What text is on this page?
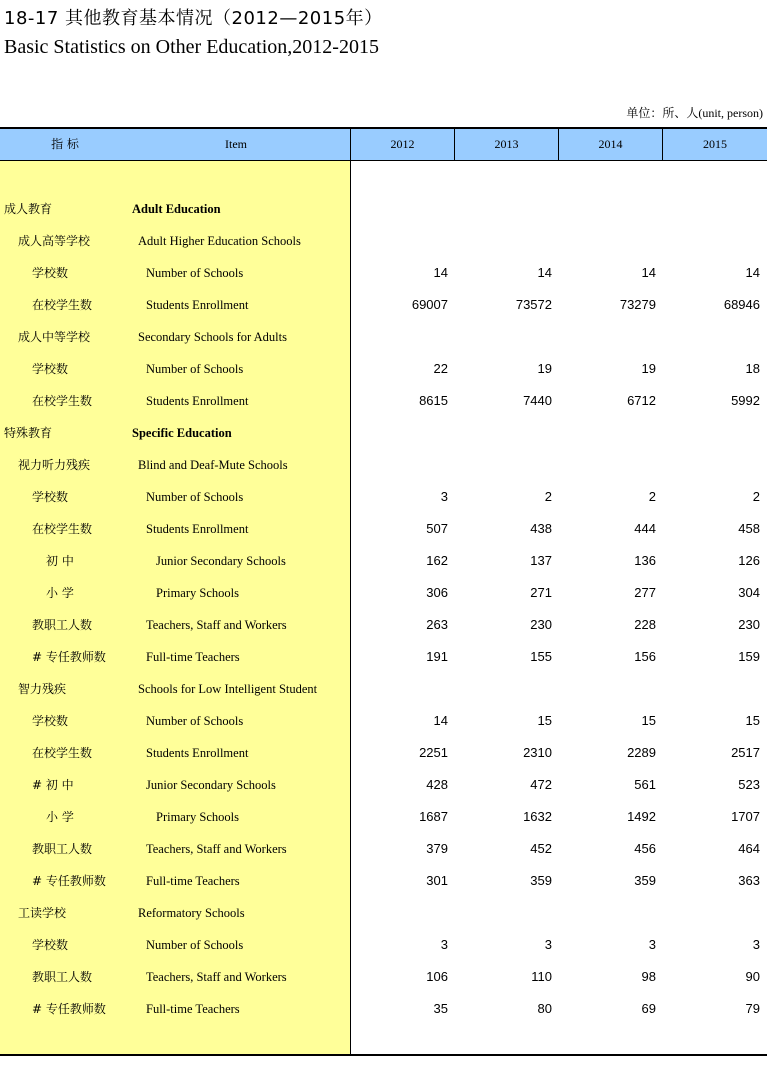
18-17 其他教育基本情况（2012—2015年）
Basic Statistics on Other Education,2012-2015
单位：所、人(unit, person)
指 标	Item	2012	2013	2014	2015
成人教育	Adult Education
成人高等学校	Adult Higher Education Schools
学校数	Number of Schools	14	14	14	14
在校学生数	Students Enrollment	69007	73572	73279	68946
成人中等学校	Secondary Schools for Adults
学校数	Number of Schools	22	19	19	18
在校学生数	Students Enrollment	8615	7440	6712	5992
特殊教育	Specific Education
视力听力残疾	Blind and Deaf-Mute Schools
学校数	Number of Schools	3	2	2	2
在校学生数	Students Enrollment	507	438	444	458
初 中	Junior Secondary Schools	162	137	136	126
小 学	Primary Schools	306	271	277	304
教职工人数	Teachers, Staff and Workers	263	230	228	230
# 专任教师数	Full-time Teachers	191	155	156	159
智力残疾	Schools for Low Intelligent Student
学校数	Number of Schools	14	15	15	15
在校学生数	Students Enrollment	2251	2310	2289	2517
# 初 中	Junior Secondary Schools	428	472	561	523
小 学	Primary Schools	1687	1632	1492	1707
教职工人数	Teachers, Staff and Workers	379	452	456	464
# 专任教师数	Full-time Teachers	301	359	359	363
工读学校	Reformatory Schools
学校数	Number of Schools	3	3	3	3
教职工人数	Teachers, Staff and Workers	106	110	98	90
# 专任教师数	Full-time Teachers	35	80	69	79
